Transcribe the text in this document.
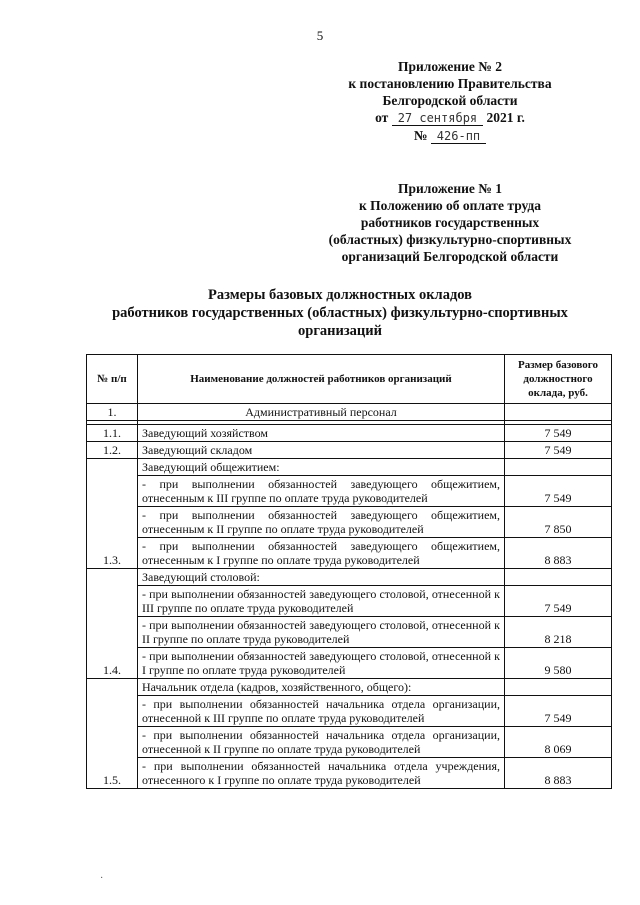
5
Приложение № 2
к постановлению Правительства
Белгородской области
от 27 сентября 2021 г.
№ 426-пп
Приложение № 1
к Положению об оплате труда
работников государственных
(областных) физкультурно-спортивных
организаций Белгородской области
Размеры базовых должностных окладов
работников государственных (областных) физкультурно-спортивных
организаций
№ п/п	Наименование должностей работников организаций	Размер базового должностного оклада, руб.
1.	Административный персонал	

1.1.	Заведующий хозяйством	7 549
1.2.	Заведующий складом	7 549
1.3.	Заведующий общежитием:	
	- при выполнении обязанностей заведующего общежитием, отнесенным к III группе по оплате труда руководителей	7 549
	- при выполнении обязанностей заведующего общежитием, отнесенным к II группе по оплате труда руководителей	7 850
	- при выполнении обязанностей заведующего общежитием, отнесенным к I группе по оплате труда руководителей	8 883
1.4.	Заведующий столовой:	
	- при выполнении обязанностей заведующего столовой, отнесенной к III группе по оплате труда руководителей	7 549
	- при выполнении обязанностей заведующего столовой, отнесенной к II группе по оплате труда руководителей	8 218
	- при выполнении обязанностей заведующего столовой, отнесенной к I группе по оплате труда руководителей	9 580
1.5.	Начальник отдела (кадров, хозяйственного, общего):	
	- при выполнении обязанностей начальника отдела организации, отнесенной к III группе по оплате труда руководителей	7 549
	- при выполнении обязанностей начальника отдела организации, отнесенной к II группе по оплате труда руководителей	8 069
	- при выполнении обязанностей начальника отдела учреждения, отнесенного к I группе по оплате труда руководителей	8 883
·
